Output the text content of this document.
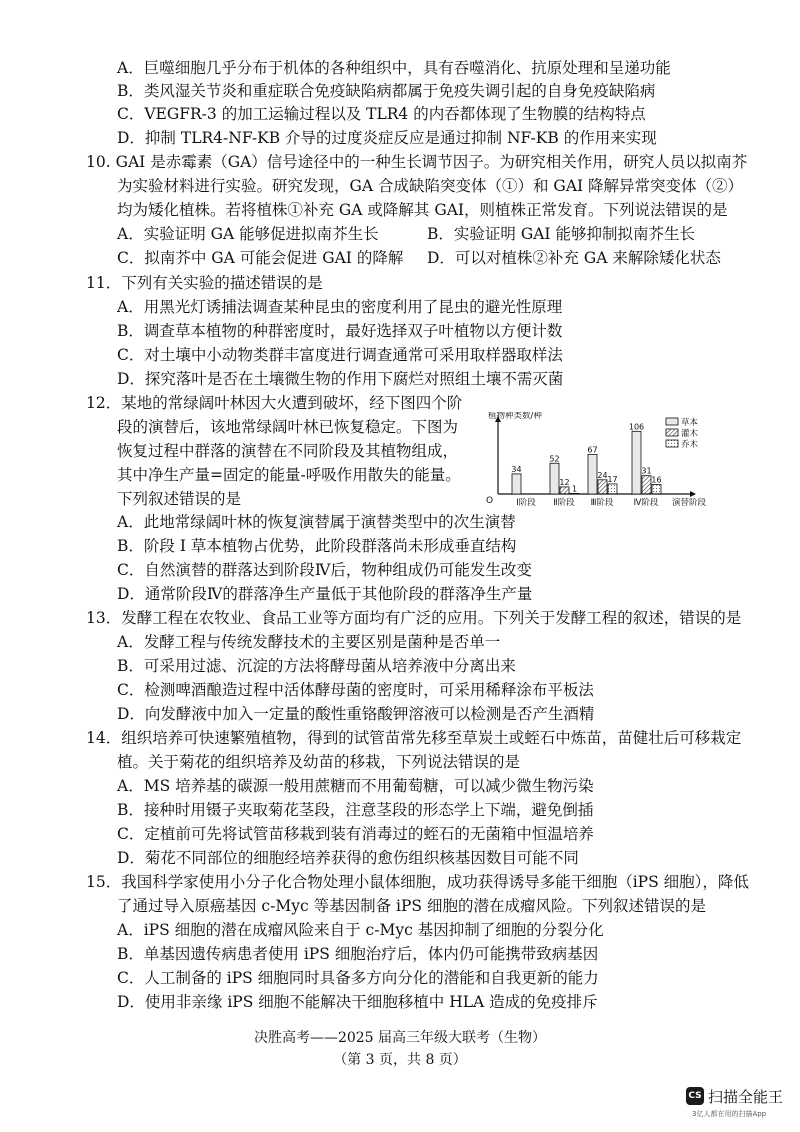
A．巨噬细胞几乎分布于机体的各种组织中，具有吞噬消化、抗原处理和呈递功能
B．类风湿关节炎和重症联合免疫缺陷病都属于免疫失调引起的自身免疫缺陷病
C．VEGFR-3 的加工运输过程以及 TLR4 的内吞都体现了生物膜的结构特点
D．抑制 TLR4-NF-KB 介导的过度炎症反应是通过抑制 NF-KB 的作用来实现
10. GAI 是赤霉素（GA）信号途径中的一种生长调节因子。为研究相关作用，研究人员以拟南芥
为实验材料进行实验。研究发现，GA 合成缺陷突变体（①）和 GAI 降解异常突变体（②）
均为矮化植株。若将植株①补充 GA 或降解其 GAI，则植株正常发育。下列说法错误的是
A．实验证明 GA 能够促进拟南芥生长	B．实验证明 GAI 能够抑制拟南芥生长
C．拟南芥中 GA 可能会促进 GAI 的降解 D．可以对植株②补充 GA 来解除矮化状态
11．下列有关实验的描述错误的是
A．用黑光灯诱捕法调查某种昆虫的密度利用了昆虫的避光性原理
B．调查草本植物的种群密度时，最好选择双子叶植物以方便计数
C．对土壤中小动物类群丰富度进行调查通常可采用取样器取样法
D．探究落叶是否在土壤微生物的作用下腐烂对照组土壤不需灭菌
12．某地的常绿阔叶林因大火遭到破坏，经下图四个阶
段的演替后，该地常绿阔叶林已恢复稳定。下图为
恢复过程中群落的演替在不同阶段及其植物组成，
其中净生产量=固定的能量-呼吸作用散失的能量。
下列叙述错误的是
植物种类数/种
O	演替阶段
34
Ⅰ阶段
52
12
1
Ⅱ阶段
67
24 17
Ⅲ阶段
106
31
16
Ⅳ阶段
草本
灌木
乔木
A．此地常绿阔叶林的恢复演替属于演替类型中的次生演替
B．阶段 I 草本植物占优势，此阶段群落尚未形成垂直结构
C．自然演替的群落达到阶段Ⅳ后，物种组成仍可能发生改变
D．通常阶段Ⅳ的群落净生产量低于其他阶段的群落净生产量
13．发酵工程在农牧业、食品工业等方面均有广泛的应用。下列关于发酵工程的叙述，错误的是
A．发酵工程与传统发酵技术的主要区别是菌种是否单一
B．可采用过滤、沉淀的方法将酵母菌从培养液中分离出来
C．检测啤酒酿造过程中活体酵母菌的密度时，可采用稀释涂布平板法
D．向发酵液中加入一定量的酸性重铬酸钾溶液可以检测是否产生酒精
14．组织培养可快速繁殖植物，得到的试管苗常先移至草炭土或蛭石中炼苗，苗健壮后可移栽定
植。关于菊花的组织培养及幼苗的移栽，下列说法错误的是
A．MS 培养基的碳源一般用蔗糖而不用葡萄糖，可以减少微生物污染
B．接种时用镊子夹取菊花茎段，注意茎段的形态学上下端，避免倒插
C．定植前可先将试管苗移栽到装有消毒过的蛭石的无菌箱中恒温培养
D．菊花不同部位的细胞经培养获得的愈伤组织核基因数目可能不同
15．我国科学家使用小分子化合物处理小鼠体细胞，成功获得诱导多能干细胞（iPS 细胞），降低
了通过导入原癌基因 c-Myc 等基因制备 iPS 细胞的潜在成瘤风险。下列叙述错误的是
A．iPS 细胞的潜在成瘤风险来自于 c-Myc 基因抑制了细胞的分裂分化
B．单基因遗传病患者使用 iPS 细胞治疗后，体内仍可能携带致病基因
C．人工制备的 iPS 细胞同时具备多方向分化的潜能和自我更新的能力
D．使用非亲缘 iPS 细胞不能解决干细胞移植中 HLA 造成的免疫排斥
决胜高考——2025 届高三年级大联考（生物）
（第 3 页，共 8 页）
CS 扫描全能王
3亿人都在用的扫描App
